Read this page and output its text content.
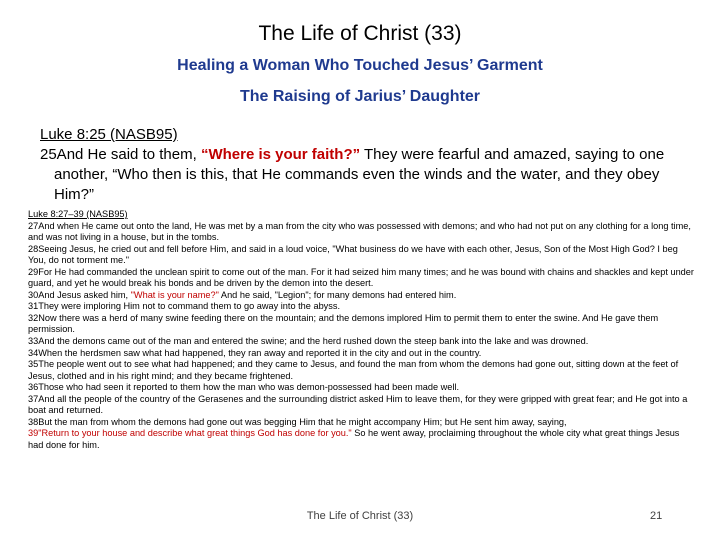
The Life of Christ (33)
Healing a Woman Who Touched Jesus’ Garment
The Raising of Jarius’ Daughter
Luke 8:25 (NASB95)
25And He said to them, “Where is your faith?” They were fearful and amazed, saying to one another, “Who then is this, that He commands even the winds and the water, and they obey Him?”
Luke 8:27–39 (NASB95)
27And when He came out onto the land, He was met by a man from the city who was possessed with demons; and who had not put on any clothing for a long time, and was not living in a house, but in the tombs.
28Seeing Jesus, he cried out and fell before Him, and said in a loud voice, "What business do we have with each other, Jesus, Son of the Most High God? I beg You, do not torment me."
29For He had commanded the unclean spirit to come out of the man. For it had seized him many times; and he was bound with chains and shackles and kept under guard, and yet he would break his bonds and be driven by the demon into the desert.
30And Jesus asked him, "What is your name?" And he said, "Legion"; for many demons had entered him.
31They were imploring Him not to command them to go away into the abyss.
32Now there was a herd of many swine feeding there on the mountain; and the demons implored Him to permit them to enter the swine. And He gave them permission.
33And the demons came out of the man and entered the swine; and the herd rushed down the steep bank into the lake and was drowned.
34When the herdsmen saw what had happened, they ran away and reported it in the city and out in the country.
35The people went out to see what had happened; and they came to Jesus, and found the man from whom the demons had gone out, sitting down at the feet of Jesus, clothed and in his right mind; and they became frightened.
36Those who had seen it reported to them how the man who was demon-possessed had been made well.
37And all the people of the country of the Gerasenes and the surrounding district asked Him to leave them, for they were gripped with great fear; and He got into a boat and returned.
38But the man from whom the demons had gone out was begging Him that he might accompany Him; but He sent him away, saying,
39"Return to your house and describe what great things God has done for you." So he went away, proclaiming throughout the whole city what great things Jesus had done for him.
The Life of Christ (33)	21
